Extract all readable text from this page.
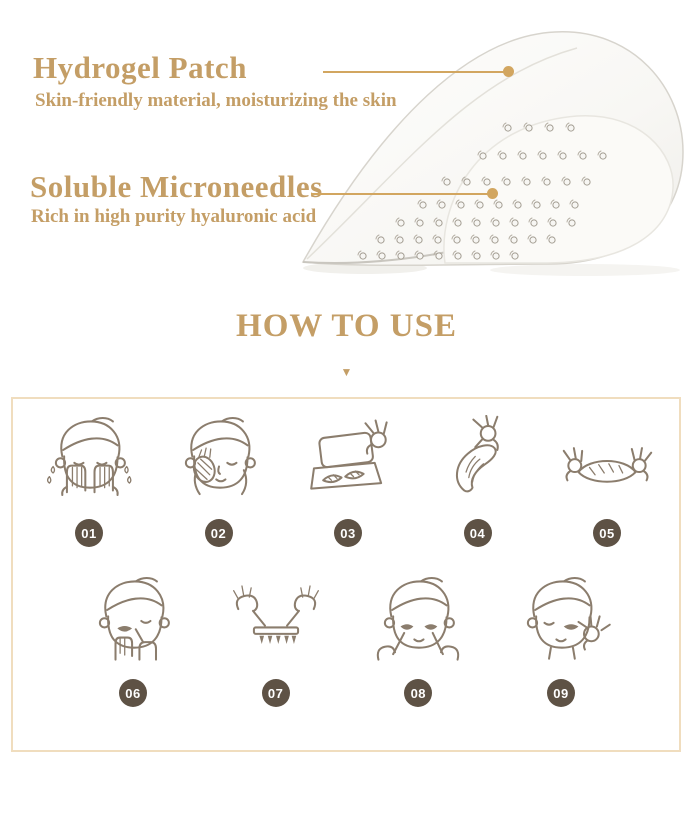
Hydrogel Patch
Skin-friendly material, moisturizing the skin
Soluble Microneedles
Rich in high purity hyaluronic acid
HOW TO USE
▼
01	02	03	04	05
06	07	08	09
